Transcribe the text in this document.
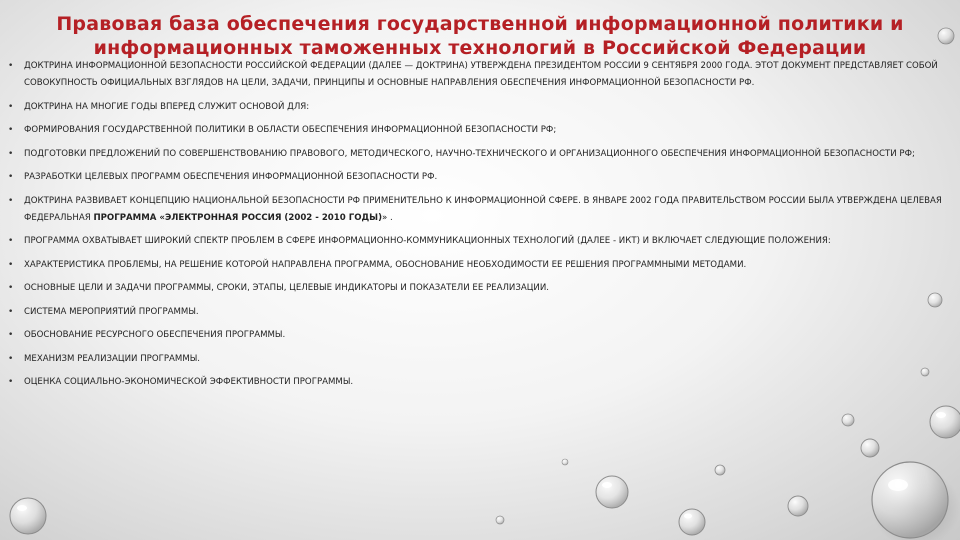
Правовая база обеспечения государственной информационной политики и
информационных таможенных технологий в Российской Федерации
• ДОКТРИНА ИНФОРМАЦИОННОЙ БЕЗОПАСНОСТИ РОССИЙСКОЙ ФЕДЕРАЦИИ (ДАЛЕЕ — ДОКТРИНА) УТВЕРЖДЕНА ПРЕЗИДЕНТОМ РОССИИ 9 СЕНТЯБРЯ 2000 ГОДА. ЭТОТ ДОКУМЕНТ ПРЕДСТАВЛЯЕТ СОБОЙ СОВОКУПНОСТЬ ОФИЦИАЛЬНЫХ ВЗГЛЯДОВ НА ЦЕЛИ, ЗАДАЧИ, ПРИНЦИПЫ И ОСНОВНЫЕ НАПРАВЛЕНИЯ ОБЕСПЕЧЕНИЯ ИНФОРМАЦИОННОЙ БЕЗОПАСНОСТИ РФ.
• ДОКТРИНА НА МНОГИЕ ГОДЫ ВПЕРЕД СЛУЖИТ ОСНОВОЙ ДЛЯ:
• ФОРМИРОВАНИЯ ГОСУДАРСТВЕННОЙ ПОЛИТИКИ В ОБЛАСТИ ОБЕСПЕЧЕНИЯ ИНФОРМАЦИОННОЙ БЕЗОПАСНОСТИ РФ;
• ПОДГОТОВКИ ПРЕДЛОЖЕНИЙ ПО СОВЕРШЕНСТВОВАНИЮ ПРАВОВОГО, МЕТОДИЧЕСКОГО, НАУЧНО-ТЕХНИЧЕСКОГО И ОРГАНИЗАЦИОННОГО ОБЕСПЕЧЕНИЯ ИНФОРМАЦИОННОЙ БЕЗОПАСНОСТИ РФ;
• РАЗРАБОТКИ ЦЕЛЕВЫХ ПРОГРАММ ОБЕСПЕЧЕНИЯ ИНФОРМАЦИОННОЙ БЕЗОПАСНОСТИ РФ.
• ДОКТРИНА РАЗВИВАЕТ КОНЦЕПЦИЮ НАЦИОНАЛЬНОЙ БЕЗОПАСНОСТИ РФ ПРИМЕНИТЕЛЬНО К ИНФОРМАЦИОННОЙ СФЕРЕ. В ЯНВАРЕ 2002 ГОДА ПРАВИТЕЛЬСТВОМ РОССИИ БЫЛА УТВЕРЖДЕНА ЦЕЛЕВАЯ ФЕДЕРАЛЬНАЯ ПРОГРАММА «ЭЛЕКТРОННАЯ РОССИЯ (2002 - 2010 ГОДЫ)» .
• ПРОГРАММА ОХВАТЫВАЕТ ШИРОКИЙ СПЕКТР ПРОБЛЕМ В СФЕРЕ ИНФОРМАЦИОННО-КОММУНИКАЦИОННЫХ ТЕХНОЛОГИЙ (ДАЛЕЕ - ИКТ) И ВКЛЮЧАЕТ СЛЕДУЮЩИЕ ПОЛОЖЕНИЯ:
• ХАРАКТЕРИСТИКА ПРОБЛЕМЫ, НА РЕШЕНИЕ КОТОРОЙ НАПРАВЛЕНА ПРОГРАММА, ОБОСНОВАНИЕ НЕОБХОДИМОСТИ ЕЕ РЕШЕНИЯ ПРОГРАММНЫМИ МЕТОДАМИ.
• ОСНОВНЫЕ ЦЕЛИ И ЗАДАЧИ ПРОГРАММЫ, СРОКИ, ЭТАПЫ, ЦЕЛЕВЫЕ ИНДИКАТОРЫ И ПОКАЗАТЕЛИ ЕЕ РЕАЛИЗАЦИИ.
• СИСТЕМА МЕРОПРИЯТИЙ ПРОГРАММЫ.
• ОБОСНОВАНИЕ РЕСУРСНОГО ОБЕСПЕЧЕНИЯ ПРОГРАММЫ.
• МЕХАНИЗМ РЕАЛИЗАЦИИ ПРОГРАММЫ.
• ОЦЕНКА СОЦИАЛЬНО-ЭКОНОМИЧЕСКОЙ ЭФФЕКТИВНОСТИ ПРОГРАММЫ.
